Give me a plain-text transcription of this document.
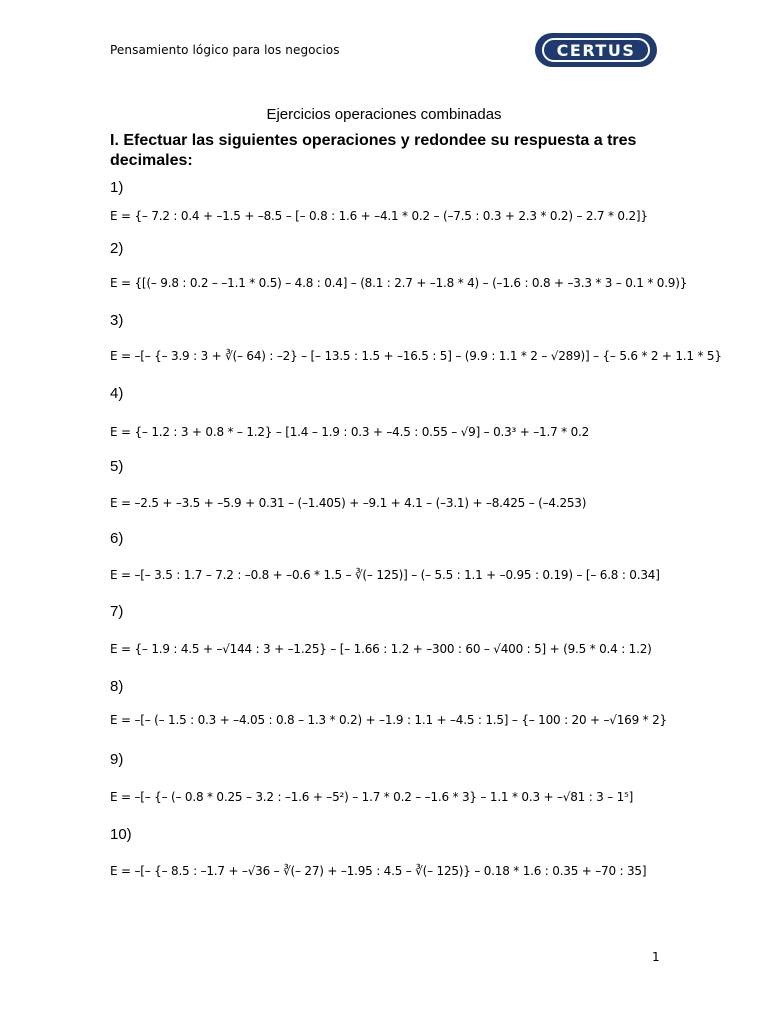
Pensamiento lógico para los negocios	CERTUS
Ejercicios operaciones combinadas
I. Efectuar las siguientes operaciones y redondee su respuesta a tres decimales:
1)
E = {– 7.2 : 0.4 + –1.5 + –8.5 – [– 0.8 : 1.6 + –4.1 * 0.2 – (–7.5 : 0.3 + 2.3 * 0.2) – 2.7 * 0.2]}
2)
E = {[(– 9.8 : 0.2 – –1.1 * 0.5) – 4.8 : 0.4] – (8.1 : 2.7 + –1.8 * 4) – (–1.6 : 0.8 + –3.3 * 3 – 0.1 * 0.9)}
3)
E = –[– {– 3.9 : 3 + ∛(– 64) : –2} – [– 13.5 : 1.5 + –16.5 : 5] – (9.9 : 1.1 * 2 – √289)] – {– 5.6 * 2 + 1.1 * 5}
4)
E = {– 1.2 : 3 + 0.8 * – 1.2} – [1.4 – 1.9 : 0.3 + –4.5 : 0.55 – √9] – 0.3³ + –1.7 * 0.2
5)
E = –2.5 + –3.5 + –5.9 + 0.31 – (–1.405) + –9.1 + 4.1 – (–3.1) + –8.425 – (–4.253)
6)
E = –[– 3.5 : 1.7 – 7.2 : –0.8 + –0.6 * 1.5 – ∛(– 125)] – (– 5.5 : 1.1 + –0.95 : 0.19) – [– 6.8 : 0.34]
7)
E = {– 1.9 : 4.5 + –√144 : 3 + –1.25} – [– 1.66 : 1.2 + –300 : 60 – √400 : 5] + (9.5 * 0.4 : 1.2)
8)
E = –[– (– 1.5 : 0.3 + –4.05 : 0.8 – 1.3 * 0.2) + –1.9 : 1.1 + –4.5 : 1.5] – {– 100 : 20 + –√169 * 2}
9)
E = –[– {– (– 0.8 * 0.25 – 3.2 : –1.6 + –5²) – 1.7 * 0.2 – –1.6 * 3} – 1.1 * 0.3 + –√81 : 3 – 1⁵]
10)
E = –[– {– 8.5 : –1.7 + –√36 – ∛(– 27) + –1.95 : 4.5 – ∛(– 125)} – 0.18 * 1.6 : 0.35 + –70 : 35]
1
